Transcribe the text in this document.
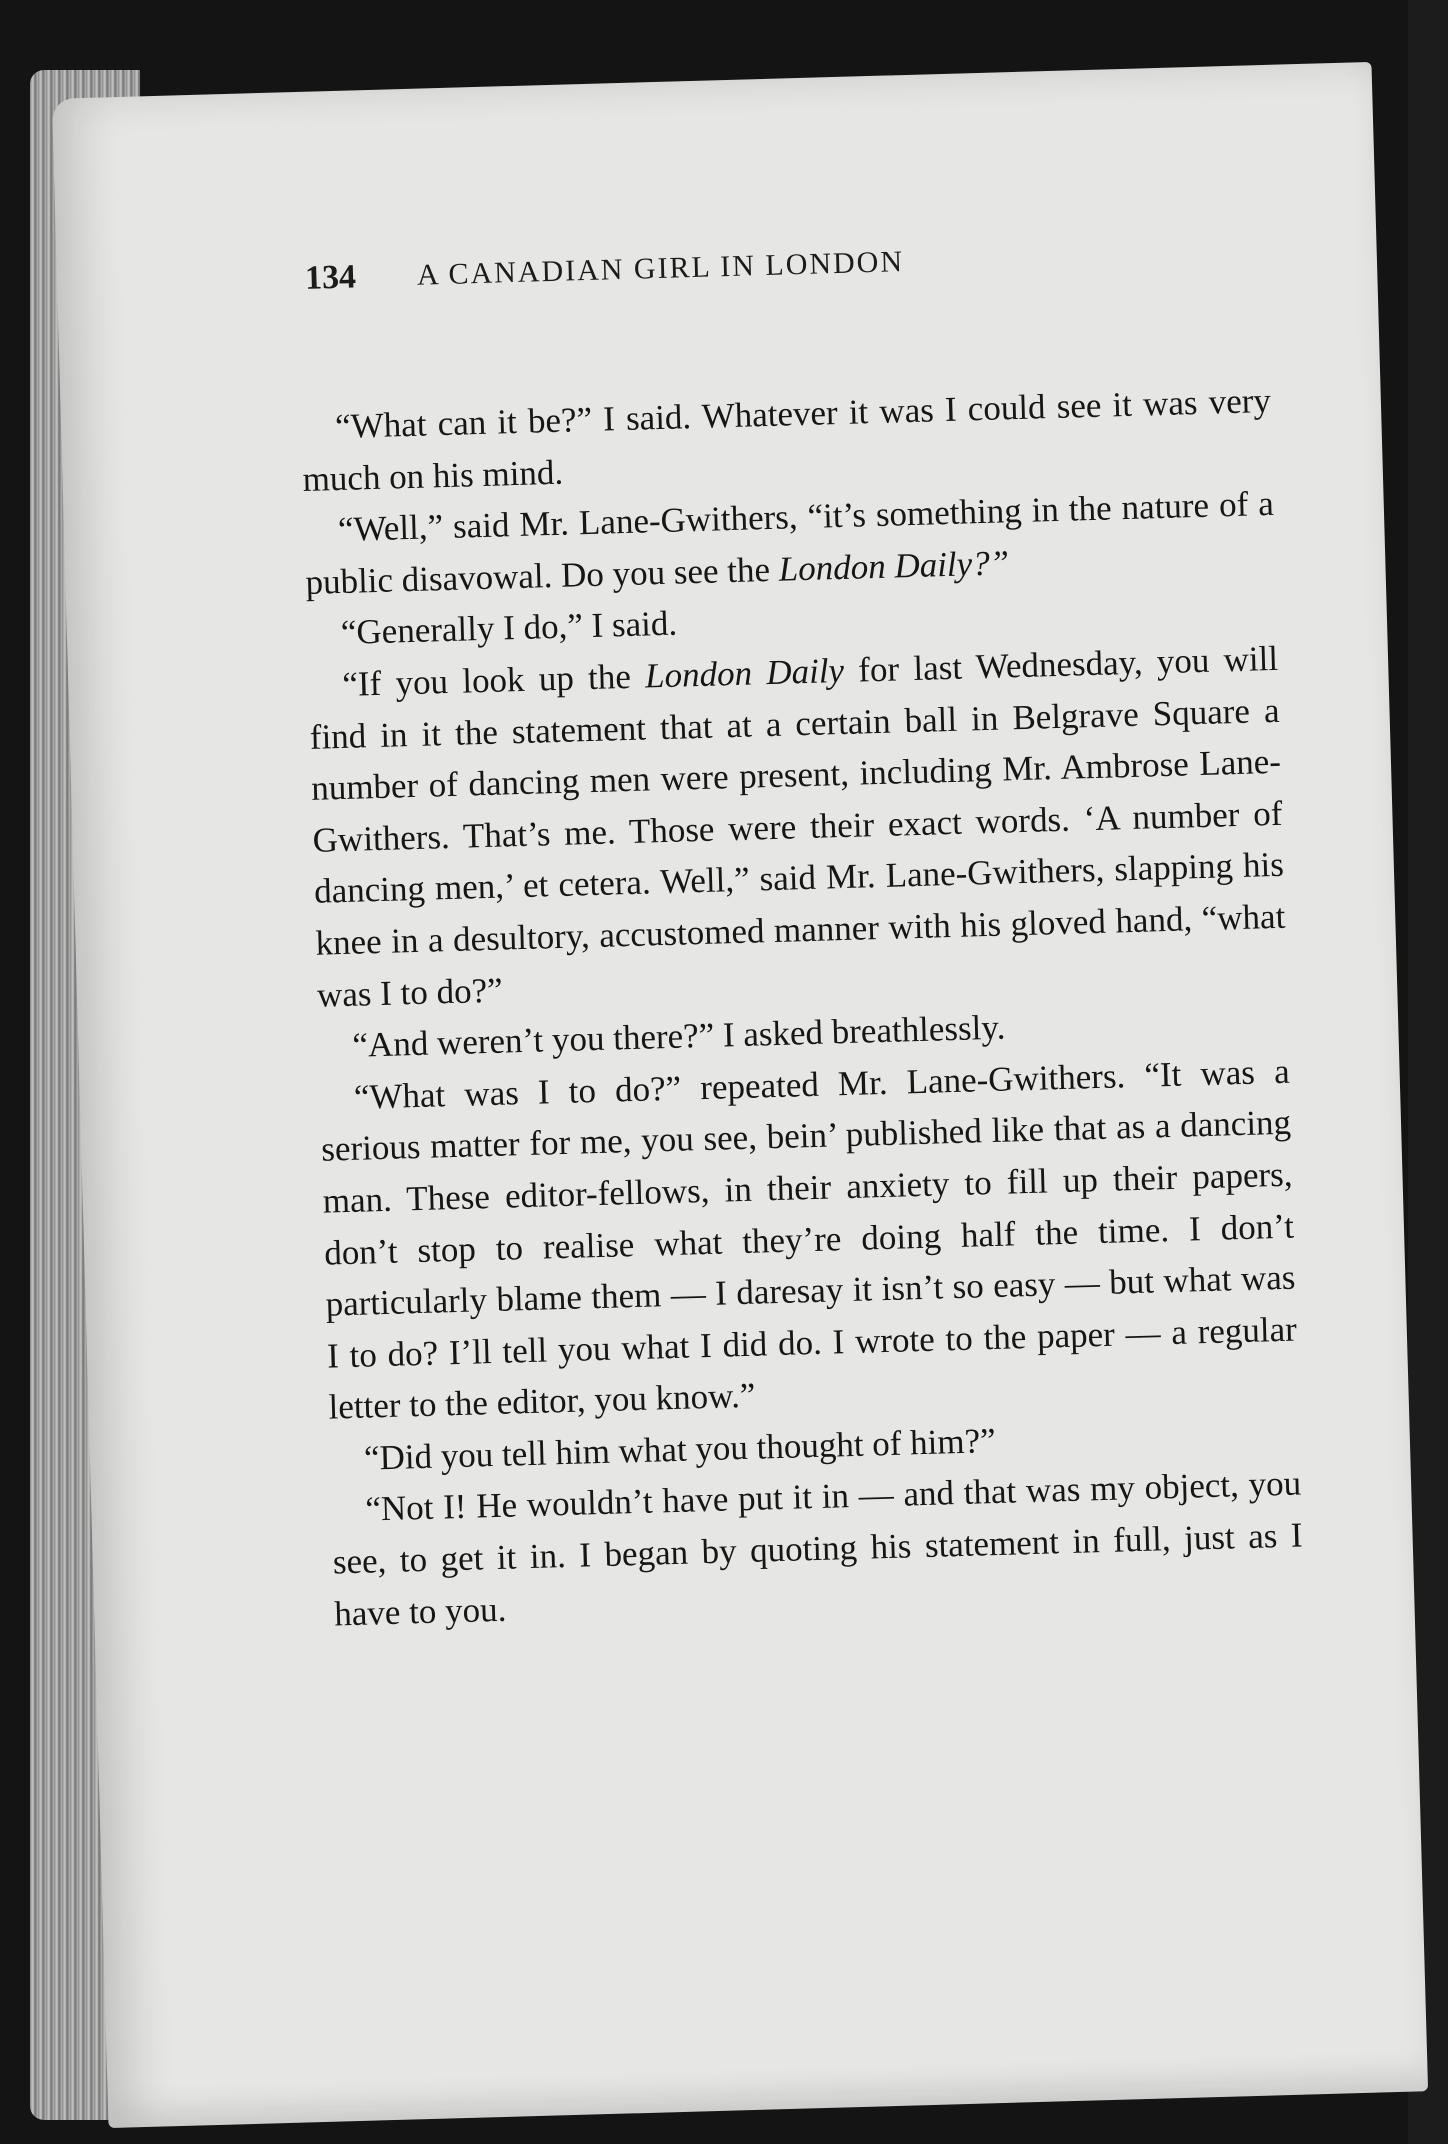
134 A CANADIAN GIRL IN LONDON

“What can it be?” I said. Whatever it was I could see it was very much on his mind.

“Well,” said Mr. Lane-Gwithers, “it’s something in the nature of a public disavowal. Do you see the London Daily?”

“Generally I do,” I said.

“If you look up the London Daily for last Wednesday, you will find in it the statement that at a certain ball in Belgrave Square a number of dancing men were present, including Mr. Ambrose Lane-Gwithers. That’s me. Those were their exact words. ‘A number of dancing men,’ et cetera. Well,” said Mr. Lane-Gwithers, slapping his knee in a desultory, accustomed manner with his gloved hand, “what was I to do?”

“And weren’t you there?” I asked breathlessly.

“What was I to do?” repeated Mr. Lane-Gwithers. “It was a serious matter for me, you see, bein’ published like that as a dancing man. These editor-fellows, in their anxiety to fill up their papers, don’t stop to realise what they’re doing half the time. I don’t particularly blame them — I daresay it isn’t so easy — but what was I to do? I’ll tell you what I did do. I wrote to the paper — a regular letter to the editor, you know.”

“Did you tell him what you thought of him?”

“Not I! He wouldn’t have put it in — and that was my object, you see, to get it in. I began by quoting his statement in full, just as I have to you.
